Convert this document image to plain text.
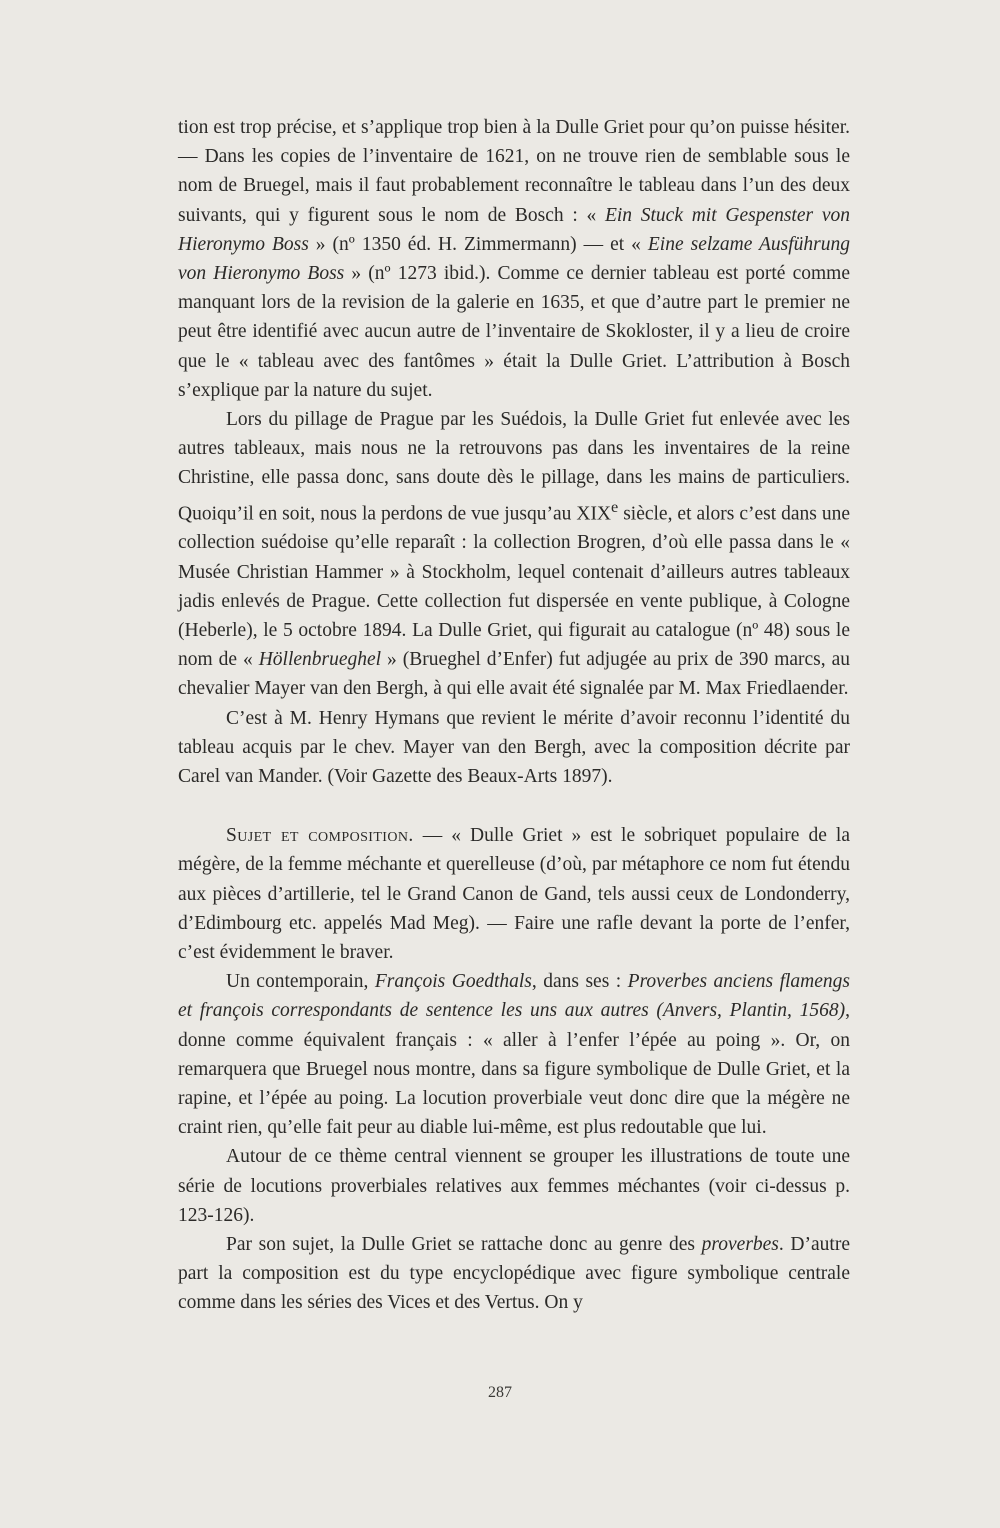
tion est trop précise, et s’applique trop bien à la Dulle Griet pour qu’on puisse hésiter. — Dans les copies de l’inventaire de 1621, on ne trouve rien de semblable sous le nom de Bruegel, mais il faut probablement reconnaître le tableau dans l’un des deux suivants, qui y figurent sous le nom de Bosch : « Ein Stuck mit Gespenster von Hieronymo Boss » (nº 1350 éd. H. Zimmermann) — et « Eine selzame Ausführung von Hieronymo Boss » (nº 1273 ibid.). Comme ce dernier tableau est porté comme manquant lors de la revision de la galerie en 1635, et que d’autre part le premier ne peut être identifié avec aucun autre de l’inventaire de Skokloster, il y a lieu de croire que le « tableau avec des fantômes » était la Dulle Griet. L’attribution à Bosch s’explique par la nature du sujet.

Lors du pillage de Prague par les Suédois, la Dulle Griet fut enlevée avec les autres tableaux, mais nous ne la retrouvons pas dans les inventaires de la reine Christine, elle passa donc, sans doute dès le pillage, dans les mains de particuliers. Quoiqu’il en soit, nous la perdons de vue jusqu’au XIXe siècle, et alors c’est dans une collection suédoise qu’elle reparaît : la collection Brogren, d’où elle passa dans le « Musée Christian Hammer » à Stockholm, lequel contenait d’ailleurs autres tableaux jadis enlevés de Prague. Cette collection fut dispersée en vente publique, à Cologne (Heberle), le 5 octobre 1894. La Dulle Griet, qui figurait au catalogue (nº 48) sous le nom de « Höllenbrueghel » (Brueghel d’Enfer) fut adjugée au prix de 390 marcs, au chevalier Mayer van den Bergh, à qui elle avait été signalée par M. Max Friedlaender.

C’est à M. Henry Hymans que revient le mérite d’avoir reconnu l’identité du tableau acquis par le chev. Mayer van den Bergh, avec la composition décrite par Carel van Mander. (Voir Gazette des Beaux-Arts 1897).

Sujet et composition. — « Dulle Griet » est le sobriquet populaire de la mégère, de la femme méchante et querelleuse (d’où, par métaphore ce nom fut étendu aux pièces d’artillerie, tel le Grand Canon de Gand, tels aussi ceux de Londonderry, d’Edimbourg etc. appelés Mad Meg). — Faire une rafle devant la porte de l’enfer, c’est évidemment le braver.

Un contemporain, François Goedthals, dans ses : Proverbes anciens flamengs et françois correspondants de sentence les uns aux autres (Anvers, Plantin, 1568), donne comme équivalent français : « aller à l’enfer l’épée au poing ». Or, on remarquera que Bruegel nous montre, dans sa figure symbolique de Dulle Griet, et la rapine, et l’épée au poing. La locution proverbiale veut donc dire que la mégère ne craint rien, qu’elle fait peur au diable lui-même, est plus redoutable que lui.

Autour de ce thème central viennent se grouper les illustrations de toute une série de locutions proverbiales relatives aux femmes méchantes (voir ci-dessus p. 123-126).

Par son sujet, la Dulle Griet se rattache donc au genre des proverbes. D’autre part la composition est du type encyclopédique avec figure symbolique centrale comme dans les séries des Vices et des Vertus. On y

287
